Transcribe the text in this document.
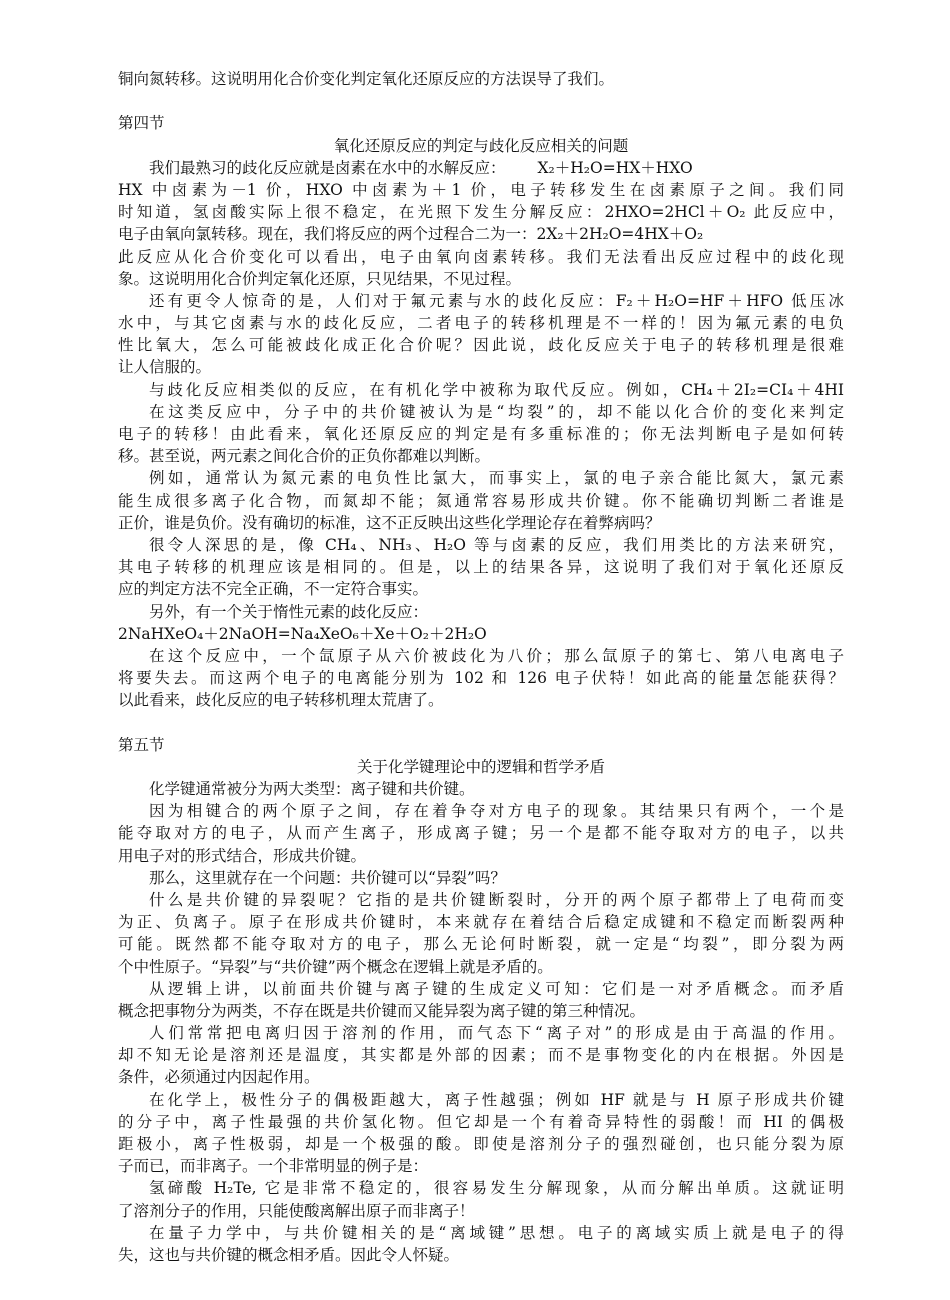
铜向氮转移。这说明用化合价变化判定氧化还原反应的方法误导了我们。
第四节
氧化还原反应的判定与歧化反应相关的问题
我们最熟习的歧化反应就是卤素在水中的水解反应： X₂＋H₂O=HX＋HXO
HX 中卤素为－1 价，HXO 中卤素为＋1 价，电子转移发生在卤素原子之间。我们同
时知道，氢卤酸实际上很不稳定，在光照下发生分解反应：2HXO=2HCl＋O₂ 此反应中，
电子由氧向氯转移。现在，我们将反应的两个过程合二为一：2X₂＋2H₂O=4HX＋O₂
此反应从化合价变化可以看出，电子由氧向卤素转移。我们无法看出反应过程中的歧化现
象。这说明用化合价判定氧化还原，只见结果，不见过程。
还有更令人惊奇的是，人们对于氟元素与水的歧化反应：F₂＋H₂O=HF＋HFO 低压冰
水中，与其它卤素与水的歧化反应，二者电子的转移机理是不一样的！因为氟元素的电负
性比氧大，怎么可能被歧化成正化合价呢？因此说，歧化反应关于电子的转移机理是很难
让人信服的。
与歧化反应相类似的反应，在有机化学中被称为取代反应。例如，CH₄＋2I₂=CI₄＋4HI
在这类反应中，分子中的共价键被认为是“均裂”的，却不能以化合价的变化来判定
电子的转移！由此看来，氧化还原反应的判定是有多重标准的；你无法判断电子是如何转
移。甚至说，两元素之间化合价的正负你都难以判断。
例如，通常认为氮元素的电负性比氯大，而事实上，氯的电子亲合能比氮大，氯元素
能生成很多离子化合物，而氮却不能；氮通常容易形成共价键。你不能确切判断二者谁是
正价，谁是负价。没有确切的标准，这不正反映出这些化学理论存在着弊病吗？
很令人深思的是，像 CH₄、NH₃、H₂O 等与卤素的反应，我们用类比的方法来研究，
其电子转移的机理应该是相同的。但是，以上的结果各异，这说明了我们对于氧化还原反
应的判定方法不完全正确，不一定符合事实。
另外，有一个关于惰性元素的歧化反应：
2NaHXeO₄＋2NaOH=Na₄XeO₆＋Xe＋O₂＋2H₂O
在这个反应中，一个氙原子从六价被歧化为八价；那么氙原子的第七、第八电离电子
将要失去。而这两个电子的电离能分别为 102 和 126 电子伏特！如此高的能量怎能获得？
以此看来，歧化反应的电子转移机理太荒唐了。
第五节
关于化学键理论中的逻辑和哲学矛盾
化学键通常被分为两大类型：离子键和共价键。
因为相键合的两个原子之间，存在着争夺对方电子的现象。其结果只有两个，一个是
能夺取对方的电子，从而产生离子，形成离子键；另一个是都不能夺取对方的电子，以共
用电子对的形式结合，形成共价键。
那么，这里就存在一个问题：共价键可以“异裂”吗？
什么是共价键的异裂呢？它指的是共价键断裂时，分开的两个原子都带上了电荷而变
为正、负离子。原子在形成共价键时，本来就存在着结合后稳定成键和不稳定而断裂两种
可能。既然都不能夺取对方的电子，那么无论何时断裂，就一定是“均裂”，即分裂为两
个中性原子。“异裂”与“共价键”两个概念在逻辑上就是矛盾的。
从逻辑上讲，以前面共价键与离子键的生成定义可知：它们是一对矛盾概念。而矛盾
概念把事物分为两类，不存在既是共价键而又能异裂为离子键的第三种情况。
人们常常把电离归因于溶剂的作用，而气态下“离子对”的形成是由于高温的作用。
却不知无论是溶剂还是温度，其实都是外部的因素；而不是事物变化的内在根据。外因是
条件，必须通过内因起作用。
在化学上，极性分子的偶极距越大，离子性越强；例如 HF 就是与 H 原子形成共价键
的分子中，离子性最强的共价氢化物。但它却是一个有着奇异特性的弱酸！而 HI 的偶极
距极小，离子性极弱，却是一个极强的酸。即使是溶剂分子的强烈碰创，也只能分裂为原
子而已，而非离子。一个非常明显的例子是：
氢碲酸 H₂Te, 它是非常不稳定的，很容易发生分解现象，从而分解出单质。这就证明
了溶剂分子的作用，只能使酸离解出原子而非离子！
在量子力学中，与共价键相关的是“离域键”思想。电子的离域实质上就是电子的得
失，这也与共价键的概念相矛盾。因此令人怀疑。
